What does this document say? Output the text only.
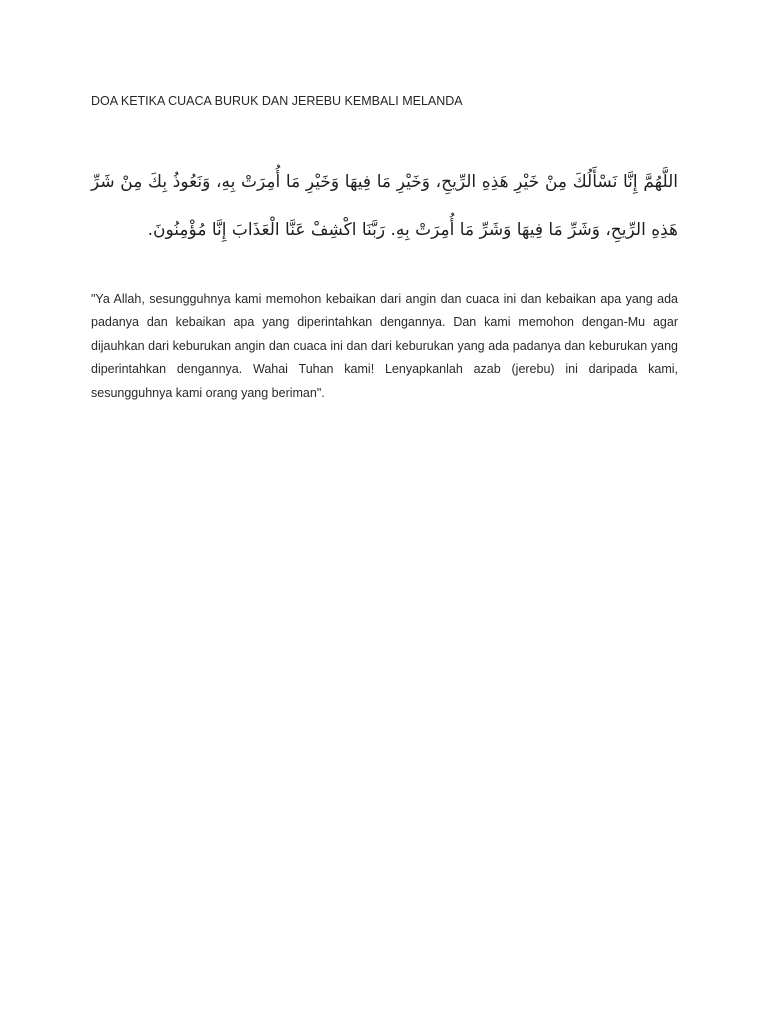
DOA KETIKA CUACA BURUK DAN JEREBU KEMBALI MELANDA
اللَّهُمَّ إِنَّا نَسْأَلُكَ مِنْ خَيْرِ هَذِهِ الرِّيحِ، وَخَيْرِ مَا فِيهَا وَخَيْرِ مَا أُمِرَتْ بِهِ، وَنَعُوذُ بِكَ مِنْ شَرِّ هَذِهِ الرِّيحِ، وَشَرِّ مَا فِيهَا وَشَرِّ مَا أُمِرَتْ بِهِ. رَبَّنَا اكْشِفْ عَنَّا الْعَذَابَ إِنَّا مُؤْمِنُونَ.
"Ya Allah, sesungguhnya kami memohon kebaikan dari angin dan cuaca ini dan kebaikan apa yang ada padanya dan kebaikan apa yang diperintahkan dengannya. Dan kami memohon dengan-Mu agar dijauhkan dari keburukan angin dan cuaca ini dan dari keburukan yang ada padanya dan keburukan yang diperintahkan dengannya. Wahai Tuhan kami! Lenyapkanlah azab (jerebu) ini daripada kami, sesungguhnya kami orang yang beriman".
